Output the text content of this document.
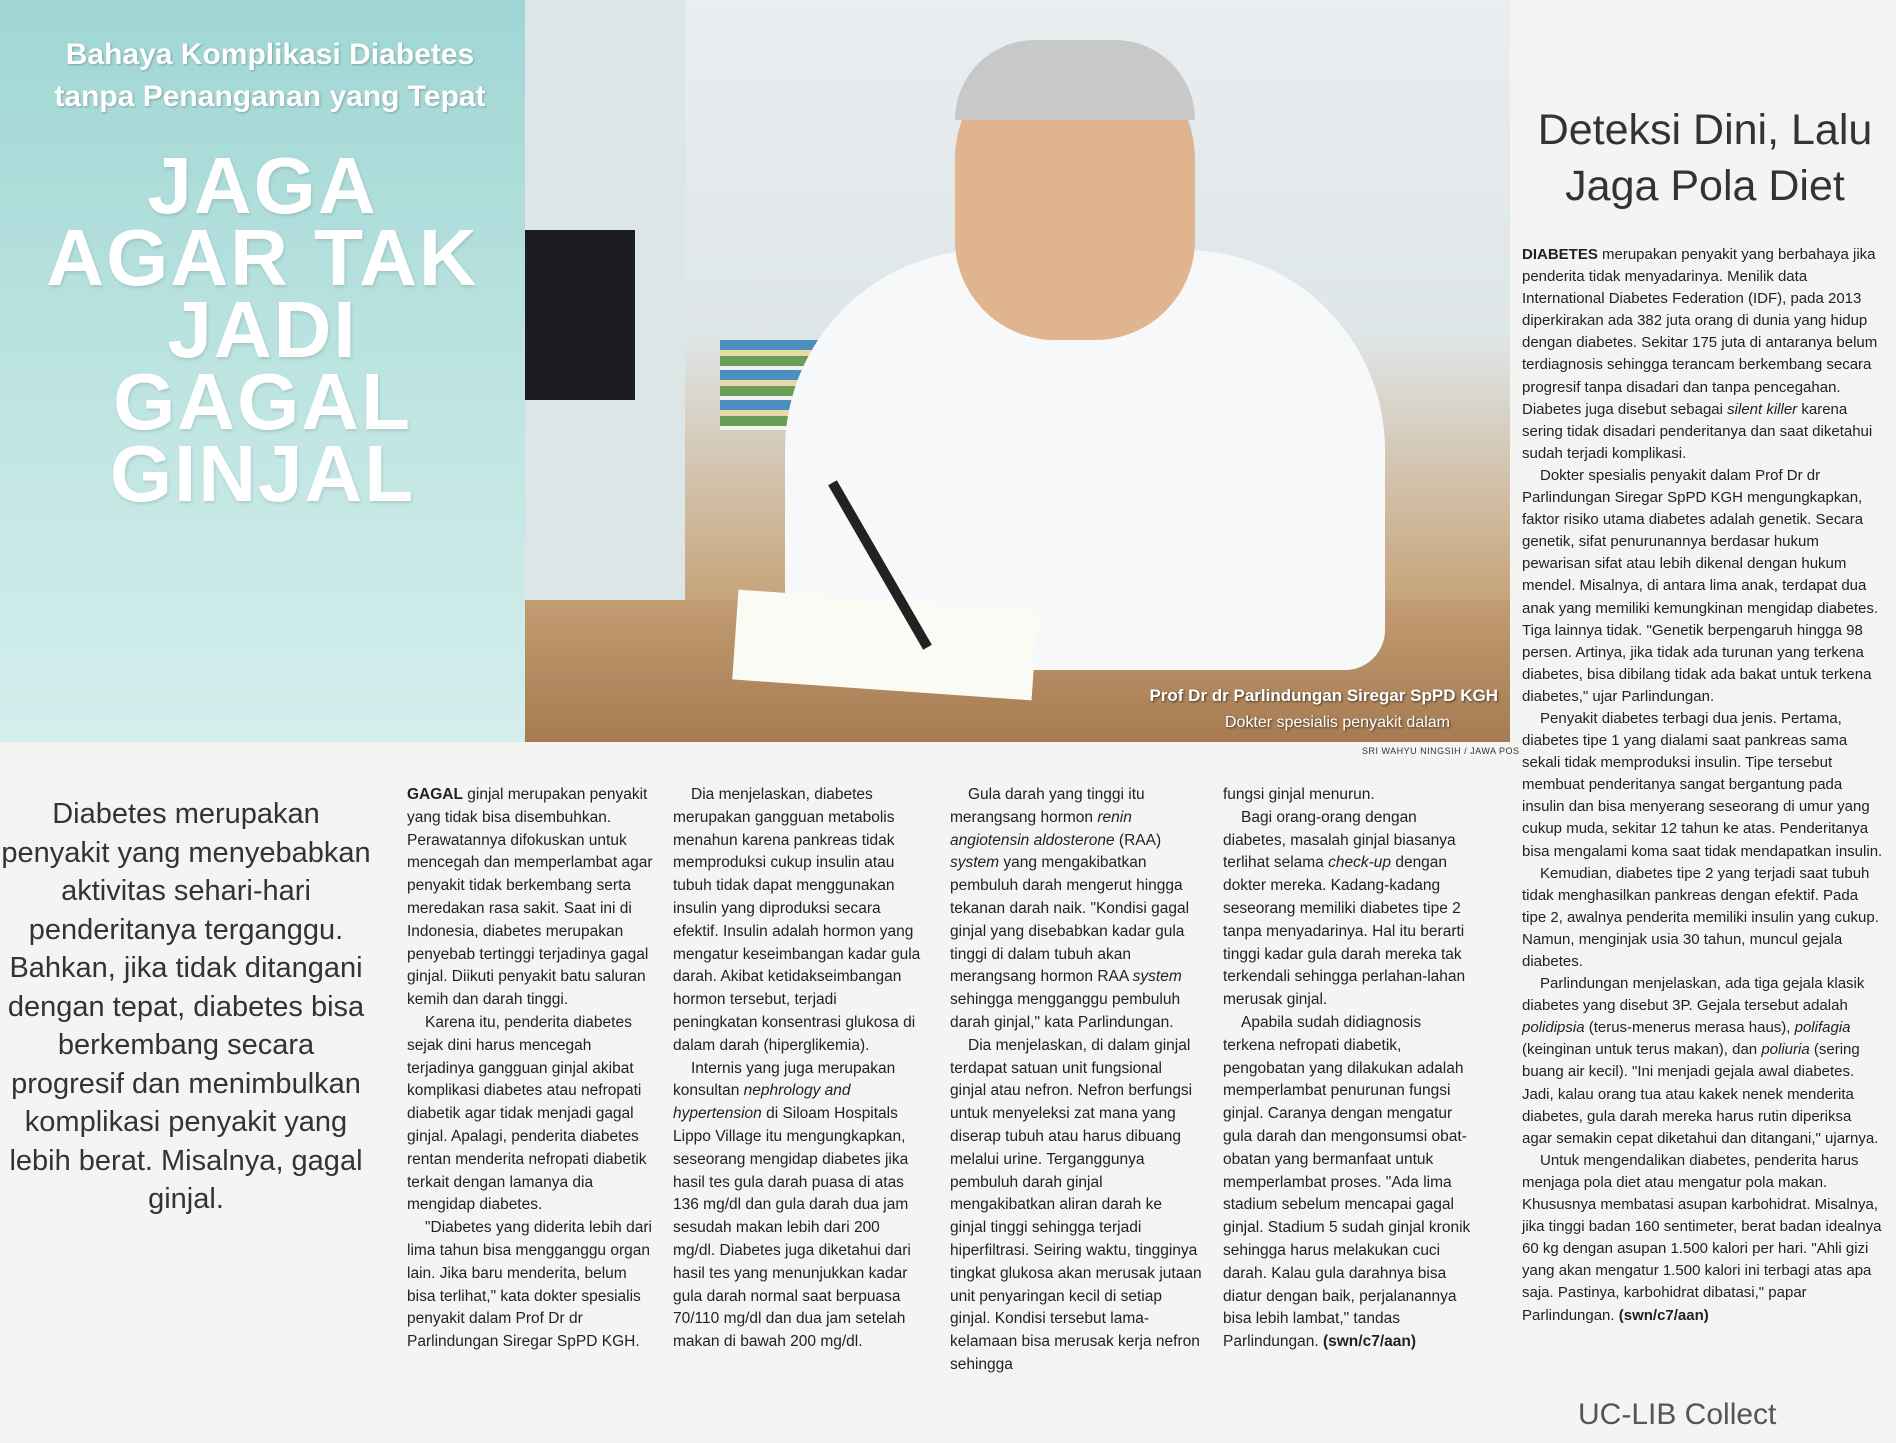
Bahaya Komplikasi Diabetes
tanpa Penanganan yang Tepat
JAGA
AGAR TAK
JADI
GAGAL
GINJAL
Prof Dr dr Parlindungan Siregar SpPD KGH
Dokter spesialis penyakit dalam
SRI WAHYU NINGSIH / JAWA POS
Deteksi Dini, Lalu
Jaga Pola Diet
Diabetes merupakan penyakit yang menyebabkan aktivitas sehari-hari penderitanya terganggu. Bahkan, jika tidak ditangani dengan tepat, diabetes bisa berkembang secara progresif dan menimbulkan komplikasi penyakit yang lebih berat. Misalnya, gagal ginjal.

GAGAL ginjal merupakan penyakit yang tidak bisa disembuhkan. Perawatannya difokuskan untuk mencegah dan memperlambat agar penyakit tidak berkembang serta meredakan rasa sakit. Saat ini di Indonesia, diabetes merupakan penyebab tertinggi terjadinya gagal ginjal. Diikuti penyakit batu saluran kemih dan darah tinggi.

Karena itu, penderita diabetes sejak dini harus mencegah terjadinya gangguan ginjal akibat komplikasi diabetes atau nefropati diabetik agar tidak menjadi gagal ginjal. Apalagi, penderita diabetes rentan menderita nefropati diabetik terkait dengan lamanya dia mengidap diabetes.

"Diabetes yang diderita lebih dari lima tahun bisa mengganggu organ lain. Jika baru menderita, belum bisa terlihat," kata dokter spesialis penyakit dalam Prof Dr dr Parlindungan Siregar SpPD KGH.

Dia menjelaskan, diabetes merupakan gangguan metabolis menahun karena pankreas tidak memproduksi cukup insulin atau tubuh tidak dapat menggunakan insulin yang diproduksi secara efektif. Insulin adalah hormon yang mengatur keseimbangan kadar gula darah. Akibat ketidakseimbangan hormon tersebut, terjadi peningkatan konsentrasi glukosa di dalam darah (hiperglikemia).

Internis yang juga merupakan konsultan nephrology and hypertension di Siloam Hospitals Lippo Village itu mengungkapkan, seseorang mengidap diabetes jika hasil tes gula darah puasa di atas 136 mg/dl dan gula darah dua jam sesudah makan lebih dari 200 mg/dl. Diabetes juga diketahui dari hasil tes yang menunjukkan kadar gula darah normal saat berpuasa 70/110 mg/dl dan dua jam setelah makan di bawah 200 mg/dl.

Gula darah yang tinggi itu merangsang hormon renin angiotensin aldosterone (RAA) system yang mengakibatkan pembuluh darah mengerut hingga tekanan darah naik. "Kondisi gagal ginjal yang disebabkan kadar gula tinggi di dalam tubuh akan merangsang hormon RAA system sehingga mengganggu pembuluh darah ginjal," kata Parlindungan.

Dia menjelaskan, di dalam ginjal terdapat satuan unit fungsional ginjal atau nefron. Nefron berfungsi untuk menyeleksi zat mana yang diserap tubuh atau harus dibuang melalui urine. Terganggunya pembuluh darah ginjal mengakibatkan aliran darah ke ginjal tinggi sehingga terjadi hiperfiltrasi. Seiring waktu, tingginya tingkat glukosa akan merusak jutaan unit penyaringan kecil di setiap ginjal. Kondisi tersebut lama-kelamaan bisa merusak kerja nefron sehingga

fungsi ginjal menurun.

Bagi orang-orang dengan diabetes, masalah ginjal biasanya terlihat selama check-up dengan dokter mereka. Kadang-kadang seseorang memiliki diabetes tipe 2 tanpa menyadarinya. Hal itu berarti tinggi kadar gula darah mereka tak terkendali sehingga perlahan-lahan merusak ginjal.

Apabila sudah didiagnosis terkena nefropati diabetik, pengobatan yang dilakukan adalah memperlambat penurunan fungsi ginjal. Caranya dengan mengatur gula darah dan mengonsumsi obat-obatan yang bermanfaat untuk memperlambat proses. "Ada lima stadium sebelum mencapai gagal ginjal. Stadium 5 sudah ginjal kronik sehingga harus melakukan cuci darah. Kalau gula darahnya bisa diatur dengan baik, perjalanannya bisa lebih lambat," tandas Parlindungan. (swn/c7/aan)

DIABETES merupakan penyakit yang berbahaya jika penderita tidak menyadarinya. Menilik data International Diabetes Federation (IDF), pada 2013 diperkirakan ada 382 juta orang di dunia yang hidup dengan diabetes. Sekitar 175 juta di antaranya belum terdiagnosis sehingga terancam berkembang secara progresif tanpa disadari dan tanpa pencegahan. Diabetes juga disebut sebagai silent killer karena sering tidak disadari penderitanya dan saat diketahui sudah terjadi komplikasi.

Dokter spesialis penyakit dalam Prof Dr dr Parlindungan Siregar SpPD KGH mengungkapkan, faktor risiko utama diabetes adalah genetik. Secara genetik, sifat penurunannya berdasar hukum pewarisan sifat atau lebih dikenal dengan hukum mendel. Misalnya, di antara lima anak, terdapat dua anak yang memiliki kemungkinan mengidap diabetes. Tiga lainnya tidak. "Genetik berpengaruh hingga 98 persen. Artinya, jika tidak ada turunan yang terkena diabetes, bisa dibilang tidak ada bakat untuk terkena diabetes," ujar Parlindungan.

Penyakit diabetes terbagi dua jenis. Pertama, diabetes tipe 1 yang dialami saat pankreas sama sekali tidak memproduksi insulin. Tipe tersebut membuat penderitanya sangat bergantung pada insulin dan bisa menyerang seseorang di umur yang cukup muda, sekitar 12 tahun ke atas. Penderitanya bisa mengalami koma saat tidak mendapatkan insulin.

Kemudian, diabetes tipe 2 yang terjadi saat tubuh tidak menghasilkan pankreas dengan efektif. Pada tipe 2, awalnya penderita memiliki insulin yang cukup. Namun, menginjak usia 30 tahun, muncul gejala diabetes.

Parlindungan menjelaskan, ada tiga gejala klasik diabetes yang disebut 3P. Gejala tersebut adalah polidipsia (terus-menerus merasa haus), polifagia (keinginan untuk terus makan), dan poliuria (sering buang air kecil). "Ini menjadi gejala awal diabetes. Jadi, kalau orang tua atau kakek nenek menderita diabetes, gula darah mereka harus rutin diperiksa agar semakin cepat diketahui dan ditangani," ujarnya.

Untuk mengendalikan diabetes, penderita harus menjaga pola diet atau mengatur pola makan. Khususnya membatasi asupan karbohidrat. Misalnya, jika tinggi badan 160 sentimeter, berat badan idealnya 60 kg dengan asupan 1.500 kalori per hari. "Ahli gizi yang akan mengatur 1.500 kalori ini terbagi atas apa saja. Pastinya, karbohidrat dibatasi," papar Parlindungan. (swn/c7/aan)

UC-LIB Collect
